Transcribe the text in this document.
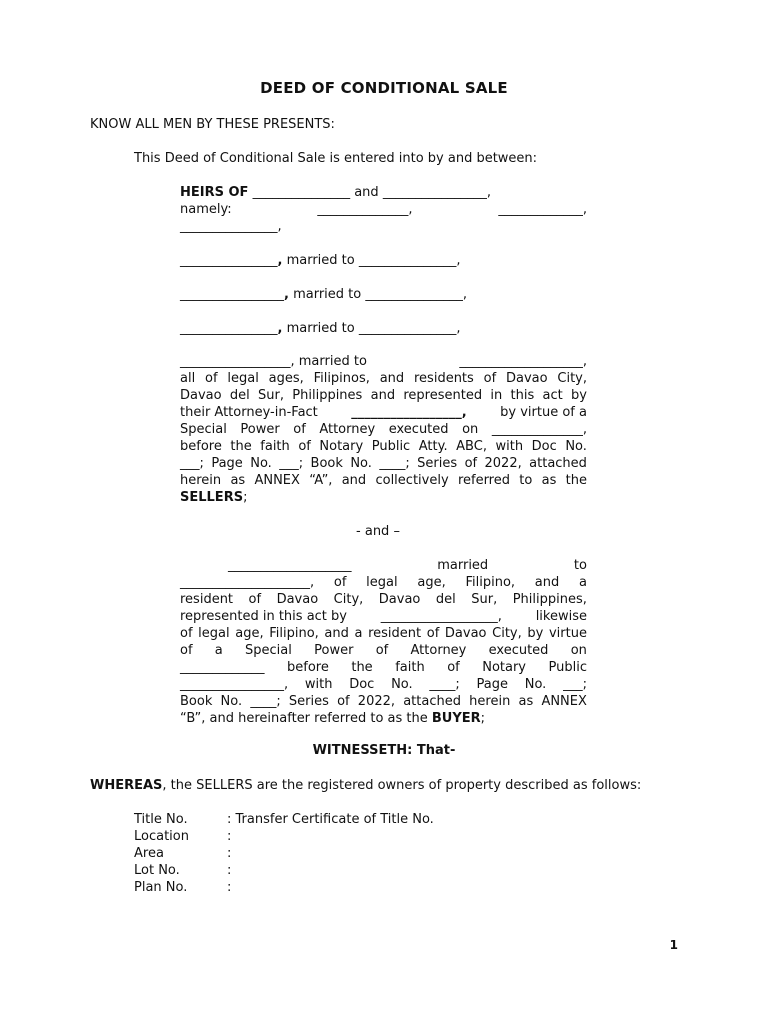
DEED OF CONDITIONAL SALE
KNOW ALL MEN BY THESE PRESENTS:
This Deed of Conditional Sale is entered into by and between:
HEIRS OF _______________ and ________________,
namely:	______________,	_____________,
_______________,
_______________, married to _______________,
________________, married to _______________,
_______________, married to _______________,
_________________, married to	___________________,
all of legal ages, Filipinos, and residents of Davao City,
Davao del Sur, Philippines and represented in this act by
their Attorney-in-Fact	_________________,	by virtue of a
Special Power of Attorney executed on ______________,
before the faith of Notary Public Atty. ABC, with Doc No.
___; Page No. ___; Book No. ____; Series of 2022, attached
herein as ANNEX “A”, and collectively referred to as the
SELLERS ;
- and –
___________________	married	to
____________________, of legal age, Filipino, and a
resident of Davao City, Davao del Sur, Philippines,
represented in this act by	__________________,	likewise
of legal age, Filipino, and a resident of Davao City, by virtue
of a Special Power of Attorney executed on
_____________ before the faith of Notary Public
________________, with Doc No. ____; Page No. ___;
Book No. ____; Series of 2022, attached herein as ANNEX
“B”, and hereinafter referred to as the BUYER ;
WITNESSETH: That-
WHEREAS, the SELLERS are the registered owners of property described as follows:
Title No.	: Transfer Certificate of Title No.
Location	:
Area	:
Lot No.	:
Plan No.	:
1
